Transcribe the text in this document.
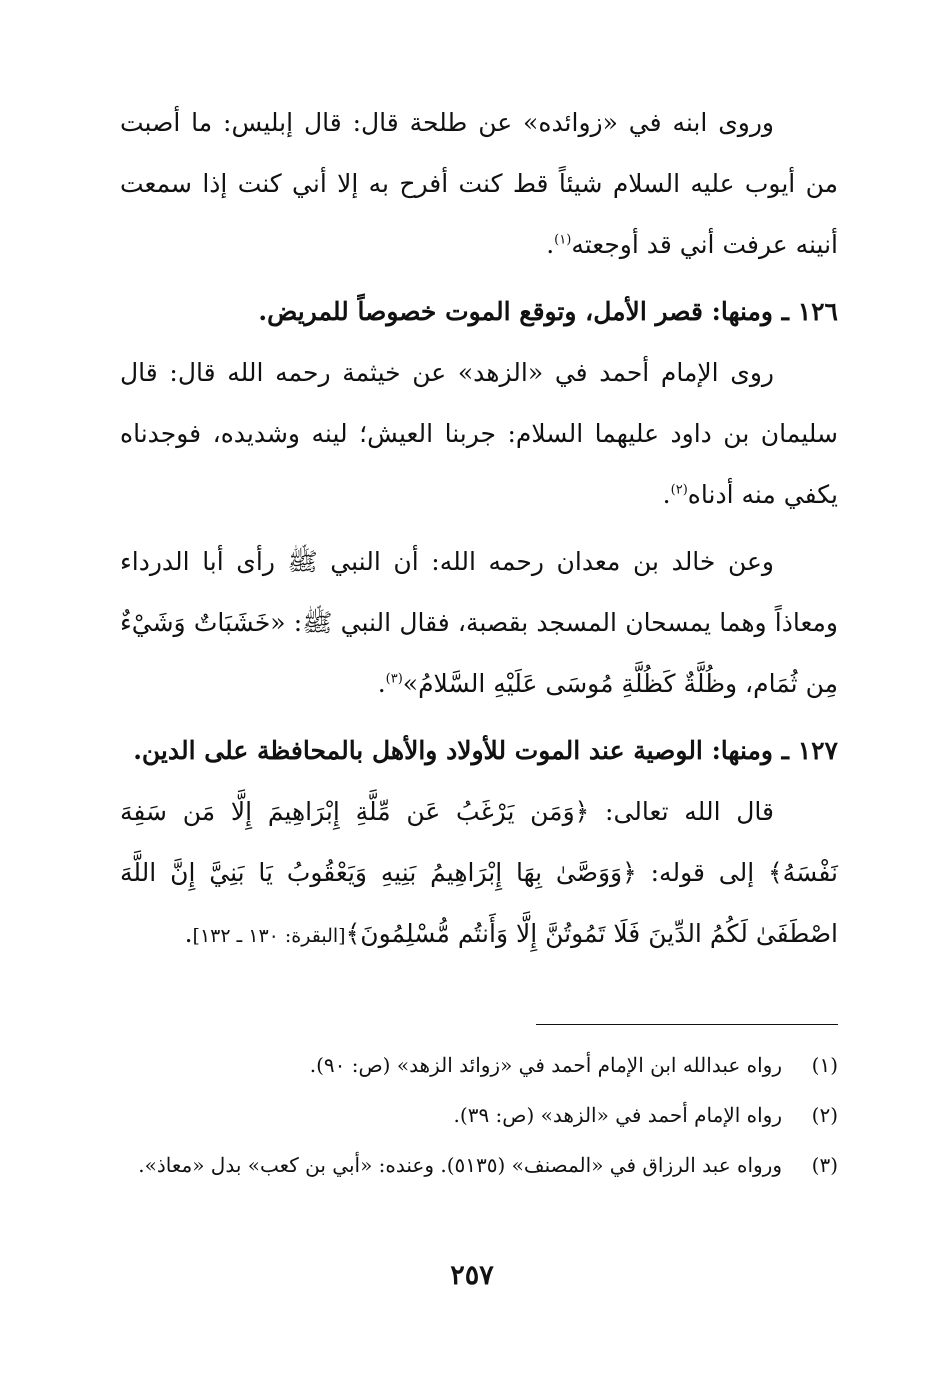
وروى ابنه في «زوائده» عن طلحة قال: قال إبليس: ما أصبت من أيوب عليه السلام شيئاً قط كنت أفرح به إلا أني كنت إذا سمعت أنينه عرفت أني قد أوجعته$^{(١)}$.

١٢٦ ـ ومنها: قصر الأمل، وتوقع الموت خصوصاً للمريض.

روى الإمام أحمد في «الزهد» عن خيثمة رحمه الله قال: قال سليمان بن داود عليهما السلام: جربنا العيش؛ لينه وشديده، فوجدناه يكفي منه أدناه$^{(٢)}$.

وعن خالد بن معدان رحمه الله: أن النبي ﷺ رأى أبا الدرداء ومعاذاً وهما يمسحان المسجد بقصبة، فقال النبي ﷺ: «خَشَبَاتٌ وَشَيْءٌ مِن ثُمَام، وظُلَّةٌ كَظُلَّةِ مُوسَى عَلَيْهِ السَّلامُ»$^{(٣)}$.

١٢٧ ـ ومنها: الوصية عند الموت للأولاد والأهل بالمحافظة على الدين.

قال الله تعالى: ﴿وَمَن يَرْغَبُ عَن مِّلَّةِ إِبْرَاهِيمَ إِلَّا مَن سَفِهَ نَفْسَهُ﴾ إلى قوله: ﴿وَوَصَّىٰ بِهَا إِبْرَاهِيمُ بَنِيهِ وَيَعْقُوبُ يَا بَنِيَّ إِنَّ اللَّهَ اصْطَفَىٰ لَكُمُ الدِّينَ فَلَا تَمُوتُنَّ إِلَّا وَأَنتُم مُّسْلِمُونَ﴾[البقرة: ١٣٠ ـ ١٣٢].

(١)
رواه عبدالله ابن الإمام أحمد في «زوائد الزهد» (ص: ٩٠).
(٢)
رواه الإمام أحمد في «الزهد» (ص: ٣٩).
(٣)
ورواه عبد الرزاق في «المصنف» (٥١٣٥). وعنده: «أبي بن كعب» بدل «معاذ».
٢٥٧
